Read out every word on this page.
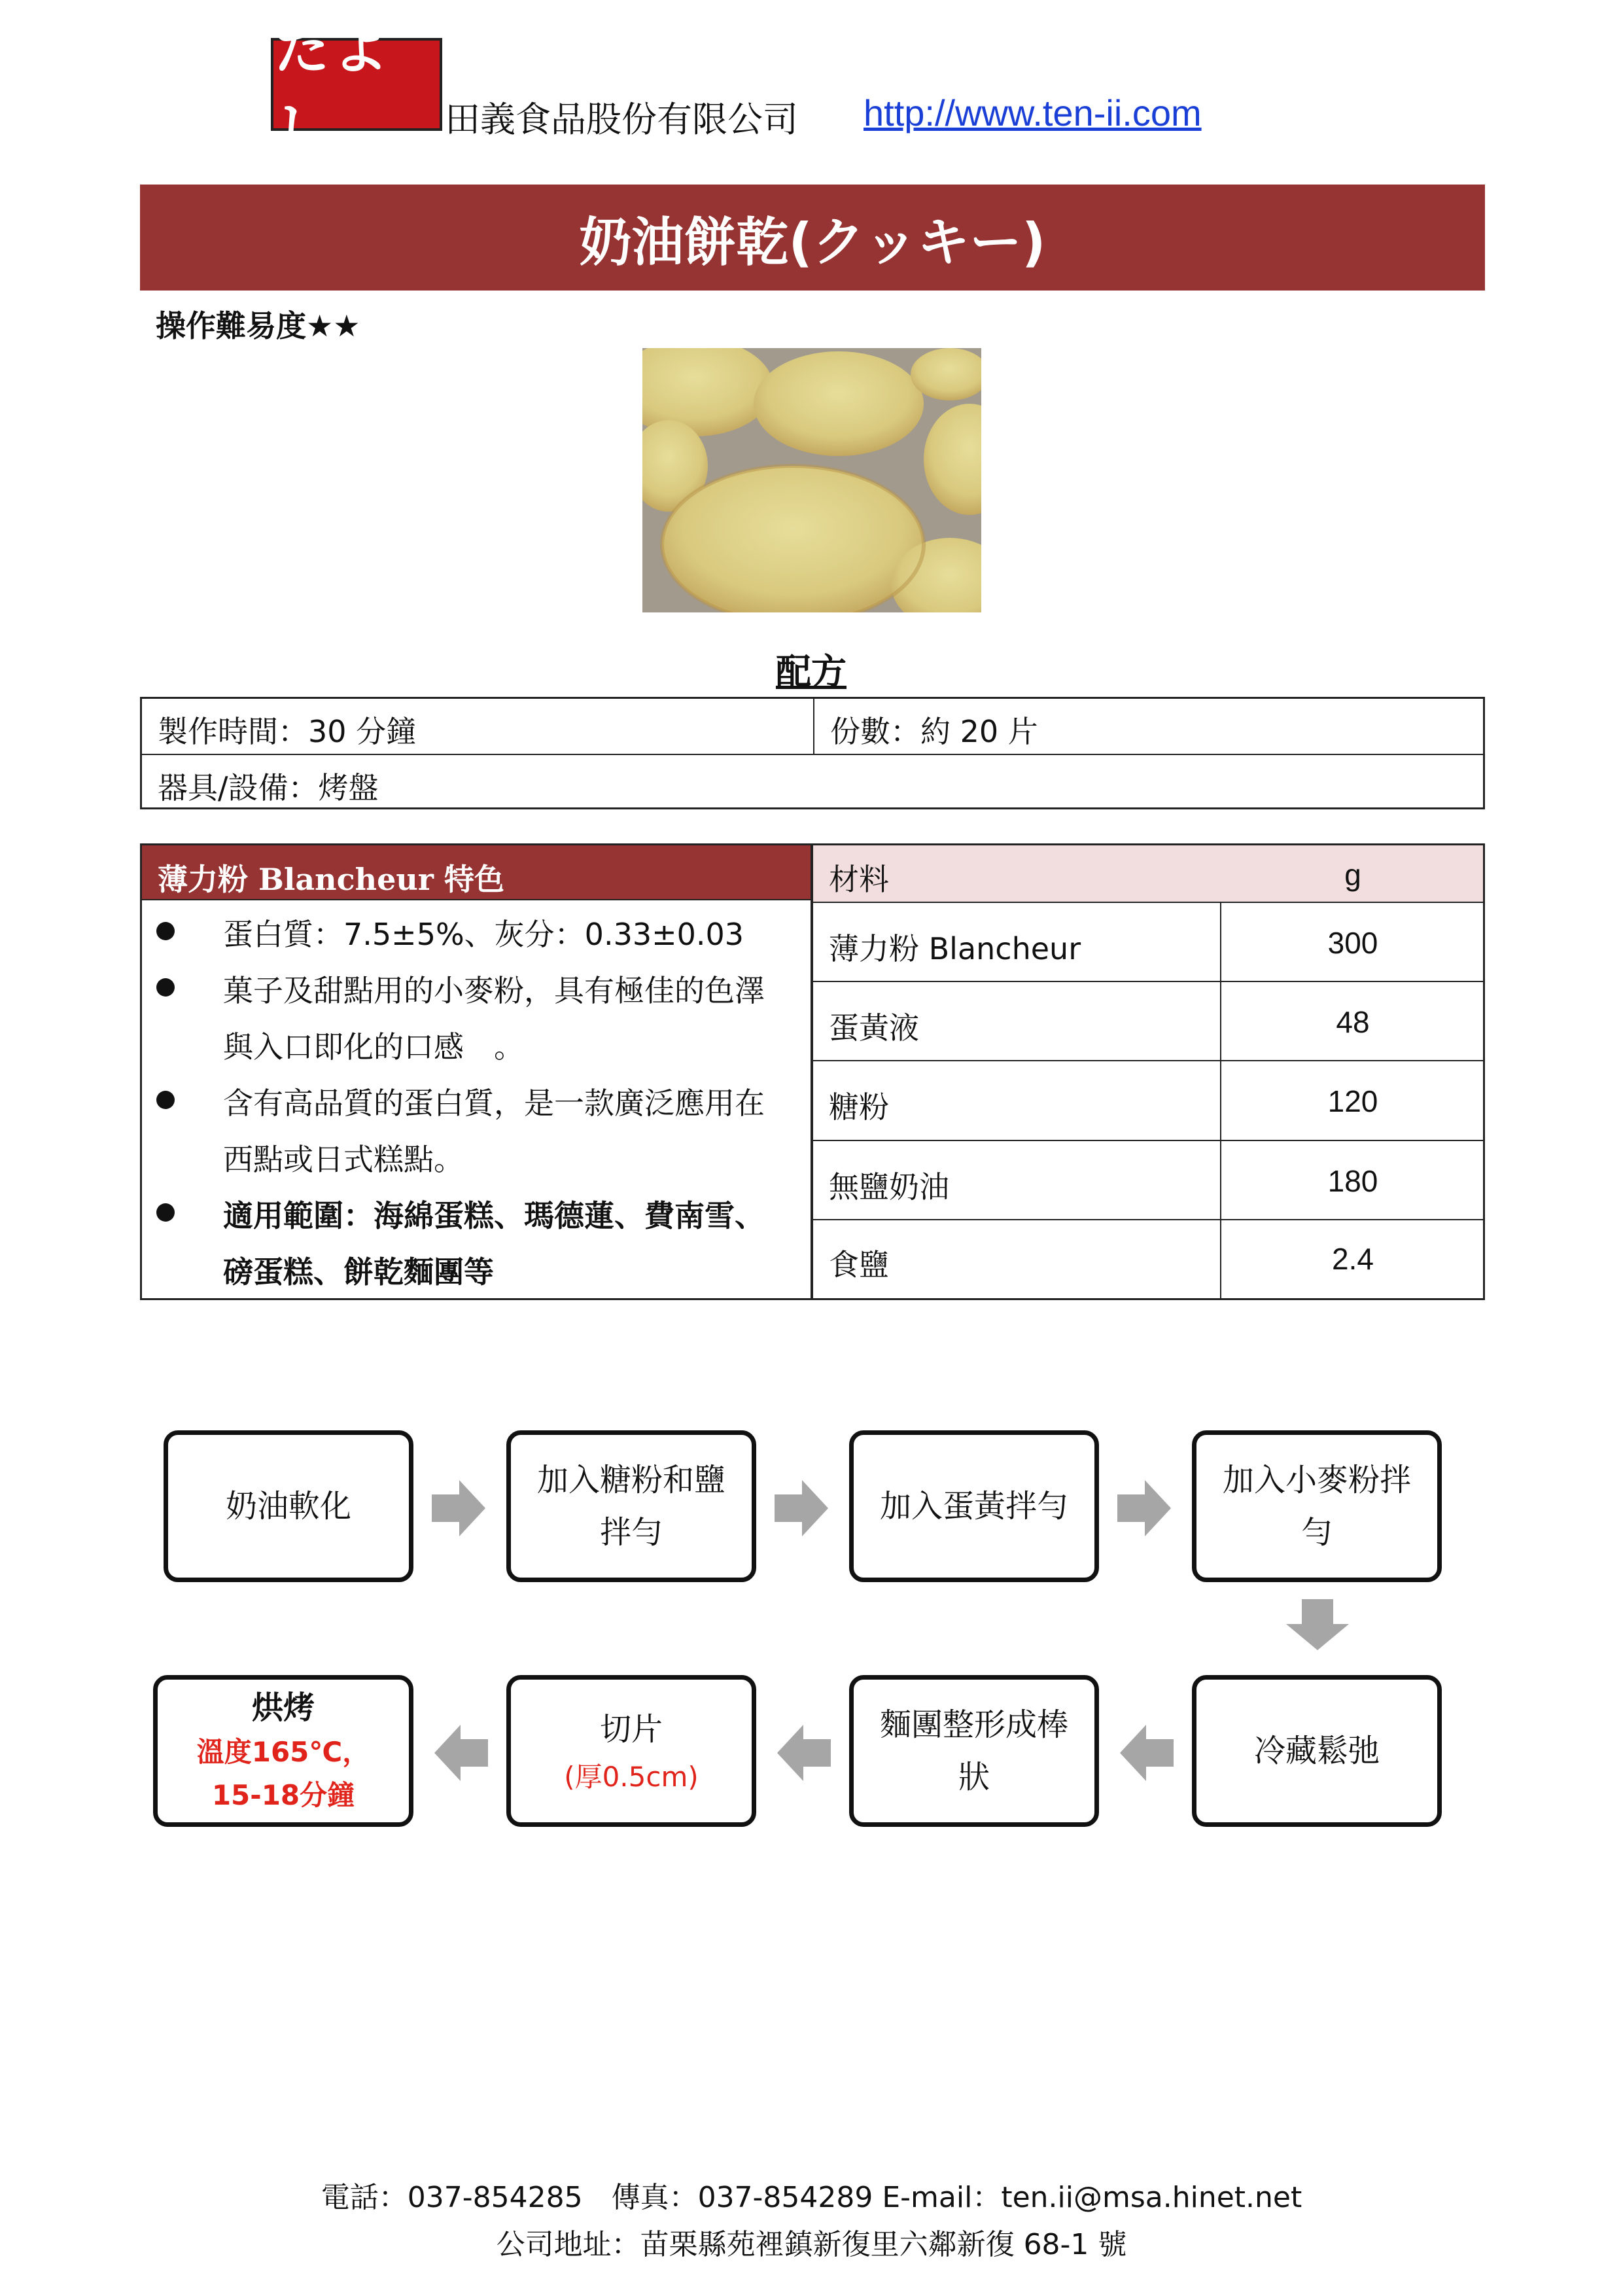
たよし	田義食品股份有限公司 http://www.ten-ii.com
奶油餅乾(クッキー)
操作難易度★★
配方
製作時間：30 分鐘	份數：約 20 片
器具/設備：烤盤
薄力粉 Blancheur 特色
蛋白質：7.5±5%、灰分：0.33±0.03
菓子及甜點用的小麥粉，具有極佳的色澤
與入口即化的口感　。
含有高品質的蛋白質，是一款廣泛應用在
西點或日式糕點。
適用範圍：海綿蛋糕、瑪德蓮、費南雪、
磅蛋糕、餅乾麵團等
材料	g
薄力粉 Blancheur	300
蛋黃液	48
糖粉	120
無鹽奶油	180
食鹽	2.4
奶油軟化
加入糖粉和鹽
拌勻
加入蛋黃拌勻
加入小麥粉拌
勻
冷藏鬆弛
麵團整形成棒
狀
切片
(厚0.5cm)
烘烤
溫度165℃，
15-18分鐘
電話：037-854285　傳真：037-854289 E-mail：ten.ii@msa.hinet.net
公司地址：苗栗縣苑裡鎮新復里六鄰新復 68-1 號
